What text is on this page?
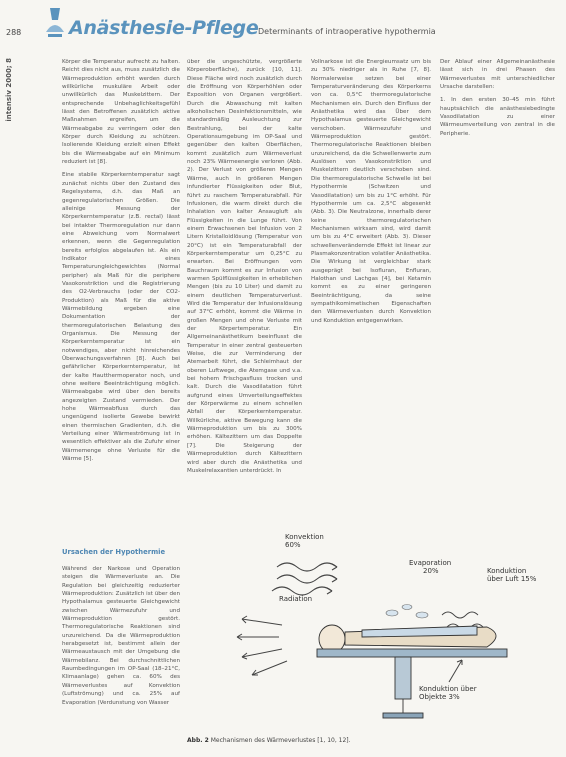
288	Anästhesie-Pflege Determinants of intraoperative hypothermia
intensiv 2000; 8	Körper die Temperatur aufrecht zu halten. Reicht dies nicht aus, muss zusätzlich die Wärmeproduktion erhöht werden durch willkürliche muskuläre Arbeit oder unwillkürlich das Muskelzittern. Der entsprechende Unbehaglichkeitsgefühl lässt den Betroffenen zusätzlich aktive Maßnahmen ergreifen, um die Wärmeabgabe zu verringern oder den Körper durch Kleidung zu schützen. Isolierende Kleidung erzielt einen Effekt bis die Wärmeabgabe auf ein Minimum reduziert ist [8].

Eine stabile Körperkerntemperatur sagt zunächst nichts über den Zustand des Regelsystems, d.h. das Maß an gegenregulatorischen Größen. Die alleinige Messung der Körperkerntemperatur (z.B. rectal) lässt bei intakter Thermoregulation nur dann eine Abweichung vom Normalwert erkennen, wenn die Gegenregulation bereits erfolglos abgelaufen ist. Als ein Indikator eines Temperaturungleichgewichtes (Normal peripher) als Maß für die periphere Vasokonstriktion und die Registrierung des O2-Verbrauchs (oder der CO2-Produktion) als Maß für die aktive Wärmebildung ergeben eine Dokumentation der thermoregulatorischen Belastung des Organismus. Die Messung der Körperkerntemperatur ist ein notwendiges, aber nicht hinreichendes Überwachungsverfahren [8]. Auch bei gefährlicher Körperkerntemperatur, ist der kalte Hautthermoperator noch, und ohne weitere Beeinträchtigung möglich. Wärmeabgabe wird über den bereits angezeigten Zustand vermieden. Der hohe Wärmeabfluss durch das ungenügend isolierte Gewebe bewirkt einen thermischen Gradienten, d.h. die Verteilung einer Wärmeströmung ist in wesentlich effektiver als die Zufuhr einer Wärmemenge ohne Verluste für die Wärme [5].

Ursachen der Hypothermie

Während der Narkose und Operation steigen die Wärmeverluste an. Die Regulation bei gleichzeitig reduzierter Wärmeproduktion: Zusätzlich ist über den Hypothalamus gesteuerte Gleichgewicht zwischen Wärmezufuhr und Wärmeproduktion gestört. Thermoregulatorische Reaktionen sind unzureichend. Da die Wärmeproduktion herabgesetzt ist, bestimmt allein der Wärmeaustausch mit der Umgebung die Wärmebilanz. Bei durchschnittlichen Raumbedingungen im OP-Saal (18–21°C, Klimaanlage) gehen ca. 60% des Wärmeverlustes auf Konvektion (Luftströmung) und ca. 25% auf Evaporation (Verdunstung von Wasser

über die ungeschützte, vergrößerte Körperoberfläche), zurück [10, 11]. Diese Fläche wird noch zusätzlich durch die Eröffnung von Körperhöhlen oder Exposition von Organen vergrößert. Durch die Abwaschung mit kalten alkoholischen Desinfektionsmitteln, wie standardmäßig Ausleuchtung zur Bestrahlung, bei der kalte Operationsumgebung im OP-Saal und gegenüber den kalten Oberflächen, kommt zusätzlich zum Wärmeverlust noch 23% Wärmeenergie verloren (Abb. 2). Der Verlust von größeren Mengen Wärme, auch in größeren Mengen infundierter Flüssigkeiten oder Blut, führt zu raschem Temperaturabfall. Für Infusionen, die warm direkt durch die Inhalation von kalter Ansaugluft als Flüssigkeiten in die Lunge führt. Von einem Erwachsenen bei Infusion von 2 Litern Kristalloidlösung (Temperatur von 20°C) ist ein Temperaturabfall der Körperkerntemperatur um 0,25°C zu erwarten. Bei Eröffnungen vom Bauchraum kommt es zur Infusion von warmen Spülflüssigkeiten in erheblichen Mengen (bis zu 10 Liter) und damit zu einem deutlichen Temperaturverlust. Wird die Temperatur der Infusionslösung auf 37°C erhöht, kommt die Wärme in großen Mengen und ohne Verluste mit der Körpertemperatur. Ein Allgemeinanästhetikum beeinflusst die Temperatur in einer zentral gesteuerten Weise, die zur Verminderung der Atemarbeit führt, die Schleimhaut der oberen Luftwege, die Atemgase und v.a. bei hohem Frischgasfluss trocken und kalt. Durch die Vasodilatation führt aufgrund eines Umverteilungseffektes der Körperwärme zu einem schnellen Abfall der Körperkerntemperatur. Willkürliche, aktive Bewegung kann die Wärmeproduktion um bis zu 300% erhöhen. Kältezittern um das Doppelte [7]. Die Steigerung der Wärmeproduktion durch Kältezittern wird aber durch die Anästhetika und Muskelrelaxantien unterdrückt. In

Vollnarkose ist die Energieumsatz um bis zu 30% niedriger als in Ruhe [7, 8]. Normalerweise setzen bei einer Temperaturveränderung des Körperkerns von ca. 0,5°C thermoregulatorische Mechanismen ein. Durch den Einfluss der Anästhetika wird das Über dem Hypothalamus gesteuerte Gleichgewicht verschoben. Wärmezufuhr und Wärmeproduktion gestört. Thermoregulatorische Reaktionen bleiben unzureichend, da die Schwellenwerte zum Auslösen von Vasokonstriktion und Muskelzittern deutlich verschoben sind. Die thermoregulatorische Schwelle ist bei Hypothermie (Schwitzen und Vasodilatation) um bis zu 1°C erhöht. Für Hypothermie um ca. 2,5°C abgesenkt (Abb. 3). Die Neutralzone, innerhalb derer keine thermoregulatorischen Mechanismen wirksam sind, wird damit um bis zu 4°C erweitert (Abb. 3). Dieser schwellenverändernde Effekt ist linear zur Plasmakonzentration volatiler Anästhetika. Die Wirkung ist vergleichbar stark ausgeprägt bei Isofluran, Enfluran, Halothan und Lachgas [4], bei Ketamin kommt es zu einer geringeren Beeinträchtigung, da seine sympathikomimetischen Eigenschaften den Wärmeverlusten durch Konvektion und Konduktion entgegenwirken.

Der Ablauf einer Allgemeinanästhesie lässt sich in drei Phasen des Wärmeverlustes mit unterschiedlicher Ursache darstellen:

1. In den ersten 30–45 min führt hauptsächlich die anästhesiebedingte Vasodilatation zu einer Wärmeumverteilung von zentral in die Peripherie.

Konvektion
60%
Radiation
Evaporation
20%	Konduktion
über Luft 15%
Konduktion über
Objekte 3%
Abb. 2 Mechanismen des Wärmeverlustes [1, 10, 12].
